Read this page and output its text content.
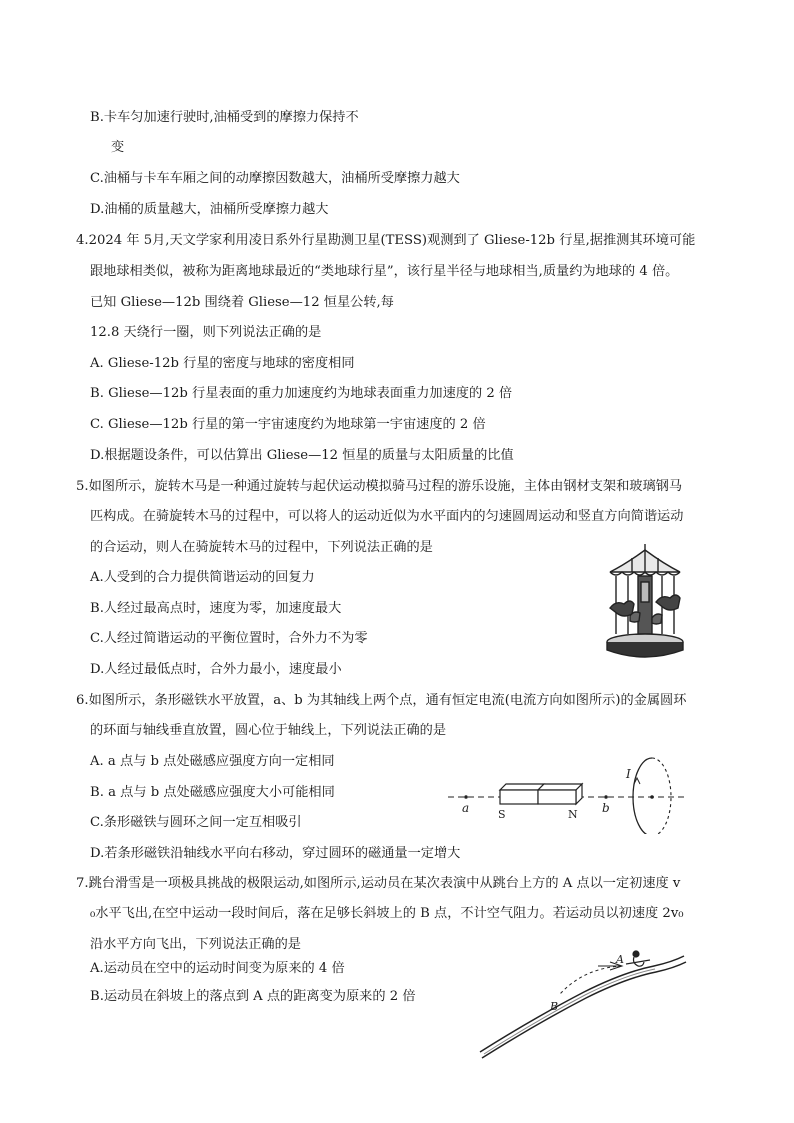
B.卡车匀加速行驶时,油桶受到的摩擦力保持不
变
C.油桶与卡车车厢之间的动摩擦因数越大，油桶所受摩擦力越大
D.油桶的质量越大，油桶所受摩擦力越大
4.2024 年 5月,天文学家利用凌日系外行星勘测卫星(TESS)观测到了 Gliese-12b 行星,据推测其环境可能
跟地球相类似，被称为距离地球最近的“类地球行星”，该行星半径与地球相当,质量约为地球的 4 倍。
已知 Gliese—12b 围绕着 Gliese—12 恒星公转,每
12.8 天绕行一圈，则下列说法正确的是
A. Gliese-12b 行星的密度与地球的密度相同
B. Gliese—12b 行星表面的重力加速度约为地球表面重力加速度的 2 倍
C. Gliese—12b 行星的第一宇宙速度约为地球第一宇宙速度的 2 倍
D.根据题设条件，可以估算出 Gliese—12 恒星的质量与太阳质量的比值
5.如图所示，旋转木马是一种通过旋转与起伏运动模拟骑马过程的游乐设施，主体由钢材支架和玻璃钢马
匹构成。在骑旋转木马的过程中，可以将人的运动近似为水平面内的匀速圆周运动和竖直方向简谐运动
的合运动，则人在骑旋转木马的过程中，下列说法正确的是
A.人受到的合力提供简谐运动的回复力
B.人经过最高点时，速度为零，加速度最大
C.人经过简谐运动的平衡位置时，合外力不为零
D.人经过最低点时，合外力最小，速度最小
6.如图所示，条形磁铁水平放置，a、b 为其轴线上两个点，通有恒定电流(电流方向如图所示)的金属圆环
的环面与轴线垂直放置，圆心位于轴线上，下列说法正确的是
A. a 点与 b 点处磁感应强度方向一定相同
B. a 点与 b 点处磁感应强度大小可能相同
C.条形磁铁与圆环之间一定互相吸引
D.若条形磁铁沿轴线水平向右移动，穿过圆环的磁通量一定增大
a	S	N b
I
7.跳台滑雪是一项极具挑战的极限运动,如图所示,运动员在某次表演中从跳台上方的 A 点以一定初速度 v
₀水平飞出,在空中运动一段时间后，落在足够长斜坡上的 B 点，不计空气阻力。若运动员以初速度 2v₀
沿水平方向飞出，下列说法正确的是
A.运动员在空中的运动时间变为原来的 4 倍
B.运动员在斜坡上的落点到 A 点的距离变为原来的 2 倍
A
B
